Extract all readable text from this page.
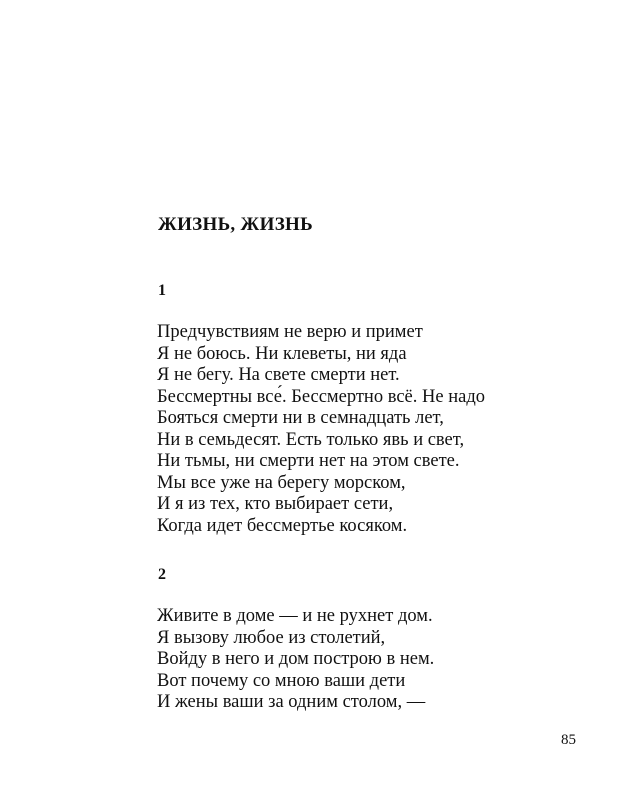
ЖИЗНЬ, ЖИЗНЬ
1
Предчувствиям не верю и примет
Я не боюсь. Ни клеветы, ни яда
Я не бегу. На свете смерти нет.
Бессмертны все́. Бессмертно всё. Не надо
Бояться смерти ни в семнадцать лет,
Ни в семьдесят. Есть только явь и свет,
Ни тьмы, ни смерти нет на этом свете.
Мы все уже на берегу морском,
И я из тех, кто выбирает сети,
Когда идет бессмертье косяком.
2
Живите в доме — и не рухнет дом.
Я вызову любое из столетий,
Войду в него и дом построю в нем.
Вот почему со мною ваши дети
И жены ваши за одним столом, —
85
